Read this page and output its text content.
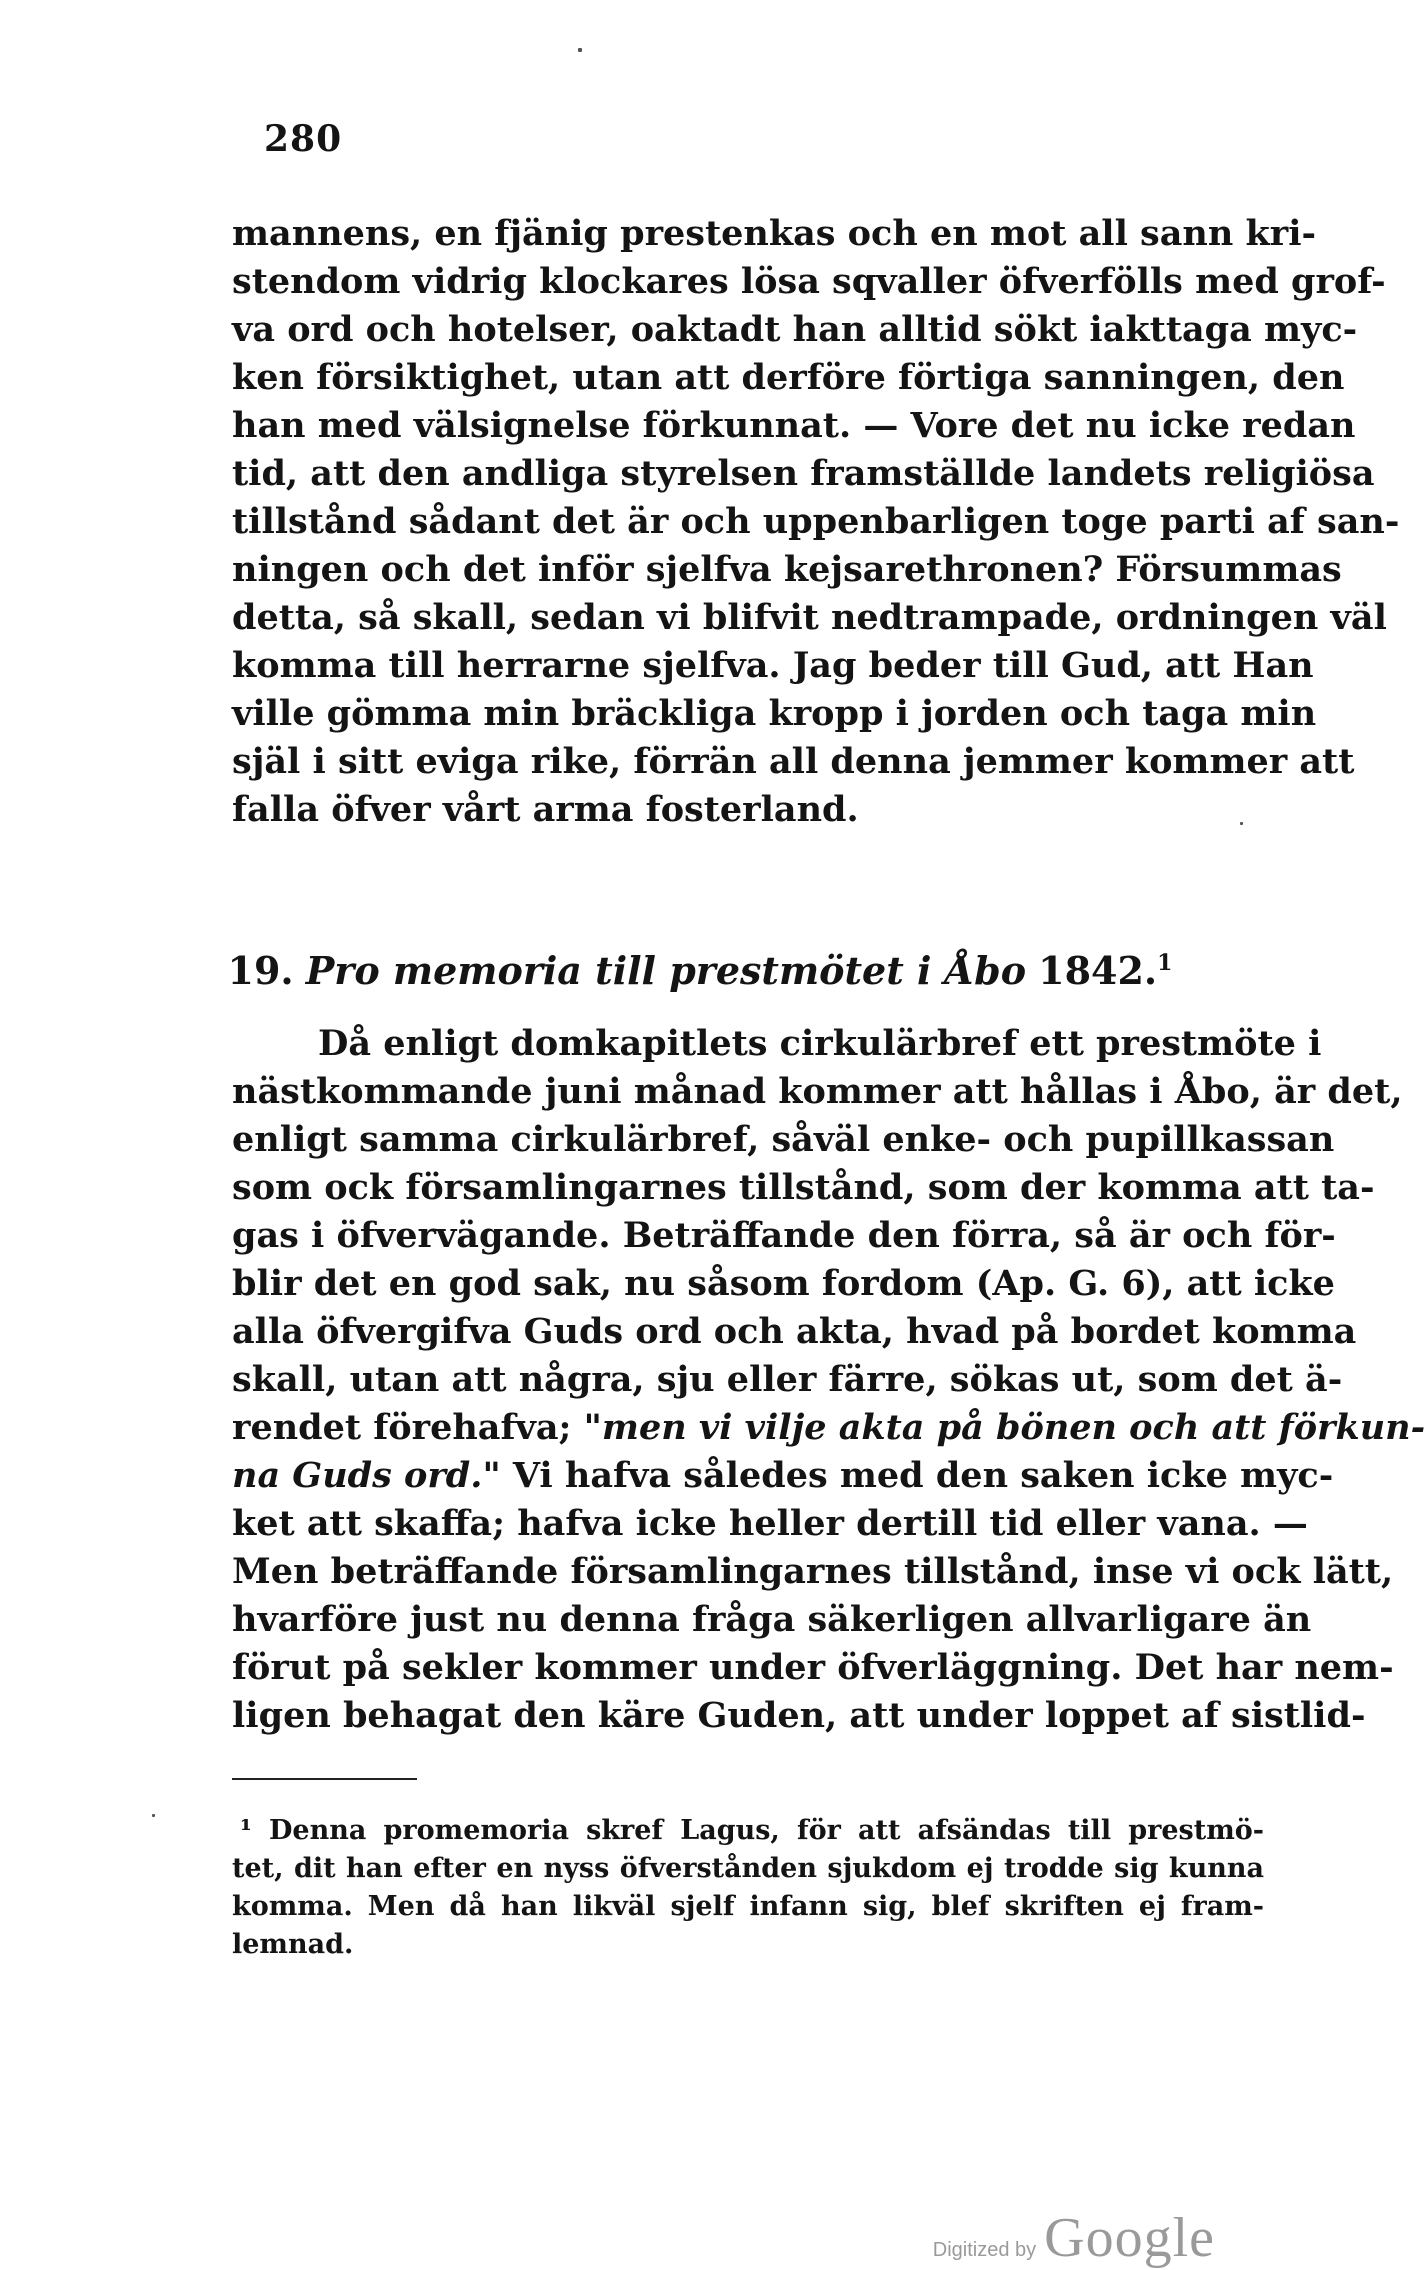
280
mannens, en fjänig prestenkas och en mot all sann kri-
stendom vidrig klockares lösa sqvaller öfverfölls med grof-
va ord och hotelser, oaktadt han alltid sökt iakttaga myc-
ken försiktighet, utan att derföre förtiga sanningen, den
han med välsignelse förkunnat. — Vore det nu icke redan
tid, att den andliga styrelsen framställde landets religiösa
tillstånd sådant det är och uppenbarligen toge parti af san-
ningen och det inför sjelfva kejsarethronen? Försummas
detta, så skall, sedan vi blifvit nedtrampade, ordningen väl
komma till herrarne sjelfva. Jag beder till Gud, att Han
ville gömma min bräckliga kropp i jorden och taga min
själ i sitt eviga rike, förrän all denna jemmer kommer att
falla öfver vårt arma fosterland.
19. Pro memoria till prestmötet i Åbo 1842.$^1$
Då enligt domkapitlets cirkulärbref ett prestmöte i
nästkommande juni månad kommer att hållas i Åbo, är det,
enligt samma cirkulärbref, såväl enke- och pupillkassan
som ock församlingarnes tillstånd, som der komma att ta-
gas i öfvervägande. Beträffande den förra, så är och för-
blir det en god sak, nu såsom fordom (Ap. G. 6), att icke
alla öfvergifva Guds ord och akta, hvad på bordet komma
skall, utan att några, sju eller färre, sökas ut, som det ä-
rendet förehafva; "men vi vilje akta på bönen och att förkun-
na Guds ord." Vi hafva således med den saken icke myc-
ket att skaffa; hafva icke heller dertill tid eller vana. —
Men beträffande församlingarnes tillstånd, inse vi ock lätt,
hvarföre just nu denna fråga säkerligen allvarligare än
förut på sekler kommer under öfverläggning. Det har nem-
ligen behagat den käre Guden, att under loppet af sistlid-
¹ Denna promemoria skref Lagus, för att afsändas till prestmö-
tet, dit han efter en nyss öfverstånden sjukdom ej trodde sig kunna
komma. Men då han likväl sjelf infann sig, blef skriften ej fram-
lemnad.
Digitized by Google
